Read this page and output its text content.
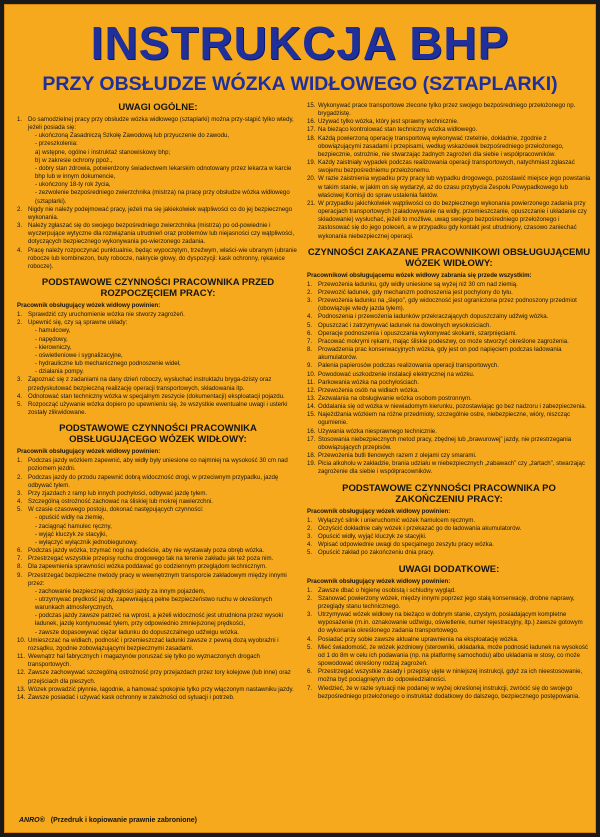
INSTRUKCJA BHP
PRZY OBSŁUDZE WÓZKA WIDŁOWEGO (SZTAPLARKI)
UWAGI OGÓLNE:
1. Do samodzielnej pracy przy obsłudze wózka widłowego (sztaplarki) można przy-stąpić tylko wtedy, jeżeli posiada się:
- ukończoną Zasadniczą Szkołę Zawodową lub przyuczenie do zawodu,
- przeszkolenia:
a) wstępne, ogólne i instruktaż stanowiskowy bhp;
b) w zakresie ochrony ppoż.,
- dobry stan zdrowia, potwierdzony świadectwem lekarskim odnotowany przez lekarza w karcie bhp lub w innym dokumencie,
- ukończony 18-ty rok życia,
- zezwolenie bezpośredniego zwierzchnika (mistrza) na pracę przy obsłudze wózka widłowego (sztaplarki).
2. Nigdy nie należy podejmować pracy, jeżeli ma się jakiekolwiek wątpliwości co do jej bezpiecznego wykonania.
3. Należy zgłaszać się do swojego bezpośredniego zwierzchnika (mistrza) po od-powiednie i wyczerpujące wytyczne dla rozwiązania utrudnień oraz problemów lub niejasności czy wątpliwości, dotyczących bezpiecznego wykonywania po-wierzonego zadania.
4. Pracę należy rozpoczynać punktualnie, będąc wypoczętym, trzeźwym, właści-wie ubranym (ubranie robocze lub kombinezon, buty robocze, nakrycie głowy, do dyspozycji: kask ochronny, rękawice robocze).
PODSTAWOWE CZYNNOŚCI PRACOWNIKA PRZED ROZPOCZĘCIEM PRACY:
Pracownik obsługujący wózek widłowy powinien:
1. Sprawdzić czy uruchomienie wózka nie stworzy zagrożeń.
2. Upewnić się, czy są sprawne układy:
- hamulcowy,
- napędowy,
- kierowniczy,
- oświetleniowe i sygnalizacyjne,
- hydrauliczne lub mechanicznego podnoszenie wideł,
- działania pompy.
3. Zapoznać się z zadaniami na dany dzień roboczy, wysłuchać instruktażu bryga-dzisty oraz przedyskutować bezpieczną realizację operacji transportowych, składowania itp.
4. Odnotować stan techniczny wózka w specjalnym zeszycie (dokumentacji) eksploatacji pojazdu.
5. Rozpocząć używanie wózka dopiero po upewnieniu się, że wszystkie ewentualne uwagi i usterki zostały zlikwidowane.
PODSTAWOWE CZYNNOŚCI PRACOWNIKA OBSŁUGUJĄCEGO WÓZEK WIDŁOWY:
Pracownik obsługujący wózek widłowy powinien:
1. Podczas jazdy wózkiem zapewnić, aby widły były uniesione co najmniej na wysokość 30 cm nad poziomem jezdni.
2. Podczas jazdy do przodu zapewnić dobrą widoczność drogi, w przeciwnym przypadku, jazdę odbywać tyłem.
3. Przy zjazdach z ramp lub innych pochyłości, odbywać jazdę tyłem.
4. Szczególną ostrożność zachować na śliskiej lub mokrej nawierzchni.
5. W czasie czasowego postoju, dokonać następujących czynności:
- opuścić widły na ziemię,
- zaciągnąć hamulec ręczny,
- wyjąć kluczyk ze stacyjki,
- wyłączyć wyłącznik jednobiegunowy.
6. Podczas jazdy wózka, trzymać nogi na podeście, aby nie wystawały poza obręb wózka.
7. Przestrzegać wszystkie przepisy ruchu drogowego tak na terenie zakładu jak też poza nim.
8. Dla zapewnienia sprawności wózka poddawać go codziennym przeglądom technicznym.
9. Przestrzegać bezpieczne metody pracy w wewnętrznym transporcie zakładowym między innymi przez:
- zachowanie bezpiecznej odległości jazdy za innym pojazdem,
- utrzymywać prędkość jazdy, zapewniającą pełne bezpieczeństwo ruchu w określonych warunkach atmosferycznych,
- podczas jazdy zawsze patrzeć na wprost, a jeżeli widoczność jest utrudniona przez wysoki ładunek, jazdę kontynuować tyłem, przy odpowiednio zmniejszonej prędkości,
- zawsze dopasowywać ciężar ładunku do dopuszczalnego udźwigu wózka.
10. Umieszczać na widłach, podnosić i przemieszczać ładunki zawsze z pewną dozą wyobraźni i rozsądku, zgodnie zobowiązującymi bezpiecznymi zasadami.
11. Wewnątrz hal fabrycznych i magazynów poruszać się tylko po wyznaczonych drogach transportowych.
12. Zawsze zachowywać szczególną ostrożność przy przejazdach przez tory kolejowe (lub inne) oraz przejściach dla pieszych.
13. Wózek prowadzić płynnie, łagodnie, a hamować spokojnie tylko przy włączonym nastawniku jazdy.
14. Zawsze posiadać i używać kask ochronny w zależności od sytuacji i potrzeb.
15. Wykonywać prace transportowe zlecone tylko przez swojego bezpośredniego przełożonego np. brygadzistę.
16. Używać tylko wózka, który jest sprawny technicznie.
17. Na bieżąco kontrolować stan techniczny wózka widłowego.
18. Każdą powierzoną operację transportową wykonywać rzetelnie, dokładnie, zgodnie z obowiązującymi zasadami i przepisami, według wskazówek bezpośredniego przełożonego, bezpiecznie, ostrożnie, nie stwarzając żadnych zagrożeń dla siebie i współpracowników.
19. Każdy zaistniały wypadek podczas realizowania operacji transportowych, natychmiast zgłaszać swojemu bezpośredniemu przełożonemu.
20. W razie zaistnienia wypadku przy pracy lub wypadku drogowego, pozostawić miejsce jego powstania w takim stanie, w jakim on się wydarzył, aż do czasu przybycia Zespołu Powypadkowego lub właściwej Komisji do spraw ustalenia faktów.
21. W przypadku jakichkolwiek wątpliwości co do bezpiecznego wykonania powierzonego zadania przy operacjach transportowych (załadowywanie na widły, przemieszczanie, opuszczanie i układanie czy składowanie) wysłuchać, jeżeli to możliwe, uwag swojego bezpośredniego przełożonego i zastosować się do jego poleceń, a w przypadku gdy kontakt jest utrudniony, czasowo zaniechać wykonania niebezpiecznej operacji.
CZYNNOŚCI ZAKAZANE PRACOWNIKOWI OBSŁUGUJĄCEMU WÓZEK WIDŁOWY:
Pracownikowi obsługującemu wózek widłowy zabrania się przede wszystkim:
1. Przewożenia ładunku, gdy widły uniesione są wyżej niż 30 cm nad ziemią.
2. Przewozić ładunek, gdy mechanizm podnoszenia jest pochylony do tyłu.
3. Przewożenia ładunku na „ślepo”, gdy widoczność jest ograniczona przez podnoszony przedmiot (obowiązuje wtedy jazda tyłem).
4. Podnoszenia i przewożenia ładunków przekraczających dopuszczalny udźwig wózka.
5. Opuszczać i zatrzymywać ładunek na dowolnych wysokościach.
6. Operacje podnoszenia i opuszczania wykonywać skokami, szarpnięciami.
7. Pracować mokrymi rękami, mając śliskie podeszwy, co może stworzyć określone zagrożenia.
8. Prowadzenia prac konserwacyjnych wózka, gdy jest on pod napięciem podczas ładowania akumulatorów.
9. Palenia papierosów podczas realizowania operacji transportowych.
10. Powodować uszkodzenie instalacji elektrycznej na wózku.
11. Parkowania wózka na pochyłościach.
12. Przewożenia osób na widłach wózka.
13. Zezwalania na obsługiwanie wózka osobom postronnym.
14. Oddalania się od wózka w niewiadomym kierunku, pozostawiając go bez nadzoru i zabezpieczenia.
15. Najeżdżania wózkiem na różne przedmioty, szczególnie ostre, niebezpieczne, wióry, niszcząc ogumienie.
16. Używania wózka niesprawnego technicznie.
17. Stosowania niebezpiecznych metod pracy, zbędnej lub „brawurowej” jazdy, nie przestrzegania obowiązujących przepisów.
18. Przewożenia butli tlenowych razem z olejami czy smarami.
19. Picia alkoholu w zakładzie, brania udziału w niebezpiecznych „zabawach” czy „żartach”, stwarzając zagrożenie dla siebie i współpracowników.
PODSTAWOWE CZYNNOŚCI PRACOWNIKA PO ZAKOŃCZENIU PRACY:
Pracownik obsługujący wózek widłowy powinien:
1. Wyłączyć silnik i unieruchomić wózek hamulcem ręcznym.
2. Oczyścić dokładnie cały wózek i przekazać go do ładowania akumulatorów.
3. Opuścić widły, wyjąć kluczyk ze stacyjki.
4. Wpisać odpowiednie uwagi do specjalnego zeszytu pracy wózka.
5. Opuścić zakład po zakończeniu dnia pracy.
UWAGI DODATKOWE:
Pracownik obsługujący wózek widłowy powinien:
1. Zawsze dbać o higienę osobistą i schludny wygląd.
2. Szanować powierzony wózek, między innymi poprzez jego stałą konserwację, drobne naprawy, przeglądy stanu technicznego.
3. Utrzymywać wózek widłowy na bieżąco w dobrym stanie, czystym, posiadającym kompletne wyposażenie (m.in. oznakowanie udźwigu, oświetlenie, numer rejestracyjny, itp.) zawsze gotowym do wykonania określonego zadania transportowego.
4. Posiadać przy sobie zawsze aktualne uprawnienia na eksploatację wózka.
5. Mieć świadomość, że wózek jezdniowy (sterowniki, układarka, może podnosić ładunek na wysokość od 1 do 8m w celu ich podawania (np. na platformę samochodu) albo układania w stosy, co może spowodować określony rodzaj zagrożeń.
6. Przestrzegać wszystkie zasady i przepisy ujęte w niniejszej instrukcji, gdyż za ich nieestosowanie, można być pociągniętym do odpowiedzialności.
7. Wiedzieć, że w razie sytuacji nie podanej w wyżej określonej instrukcji, zwrócić się do swojego bezpośredniego przełożonego o instruktaż dodatkowy do dalszego, bezpiecznego postępowania.
ANRO® (Przedruk i kopiowanie prawnie zabronione)
